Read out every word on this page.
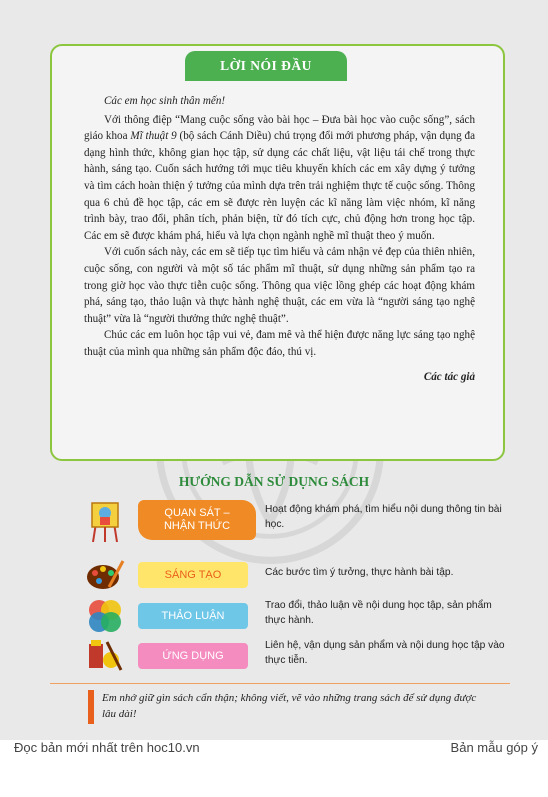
LỜI NÓI ĐẦU

Các em học sinh thân mến!

Với thông điệp “Mang cuộc sống vào bài học – Đưa bài học vào cuộc sống”, sách giáo khoa Mĩ thuật 9 (bộ sách Cánh Diều) chú trọng đổi mới phương pháp, vận dụng đa dạng hình thức, không gian học tập, sử dụng các chất liệu, vật liệu tái chế trong thực hành, sáng tạo. Cuốn sách hướng tới mục tiêu khuyến khích các em xây dựng ý tưởng và tìm cách hoàn thiện ý tưởng của mình dựa trên trải nghiệm thực tế cuộc sống. Thông qua 6 chủ đề học tập, các em sẽ được rèn luyện các kĩ năng làm việc nhóm, kĩ năng trình bày, trao đổi, phân tích, phản biện, từ đó tích cực, chủ động hơn trong học tập. Các em sẽ được khám phá, hiểu và lựa chọn ngành nghề mĩ thuật theo ý muốn.

Với cuốn sách này, các em sẽ tiếp tục tìm hiểu và cảm nhận vẻ đẹp của thiên nhiên, cuộc sống, con người và một số tác phẩm mĩ thuật, sử dụng những sản phẩm tạo ra trong giờ học vào thực tiễn cuộc sống. Thông qua việc lồng ghép các hoạt động khám phá, sáng tạo, thảo luận và thực hành nghệ thuật, các em vừa là “người sáng tạo nghệ thuật” vừa là “người thưởng thức nghệ thuật”.

Chúc các em luôn học tập vui vẻ, đam mê và thể hiện được năng lực sáng tạo nghệ thuật của mình qua những sản phẩm độc đáo, thú vị.

Các tác giả

HƯỚNG DẪN SỬ DỤNG SÁCH
QUAN SÁT –
NHẬN THỨC
Hoạt động khám phá, tìm hiểu nội dung thông tin bài học.
SÁNG TẠO	Các bước tìm ý tưởng, thực hành bài tập.
THẢO LUẬN
Trao đổi, thảo luận về nội dung học tập, sản phẩm thực hành.
ỨNG DỤNG
Liên hệ, vận dụng sản phẩm và nội dung học tập vào thực tiễn.
Em nhớ giữ gìn sách cẩn thận; không viết, vẽ vào những trang sách để sử dụng được lâu dài!
Đọc bản mới nhất trên hoc10.vn	Bản mẫu góp ý
